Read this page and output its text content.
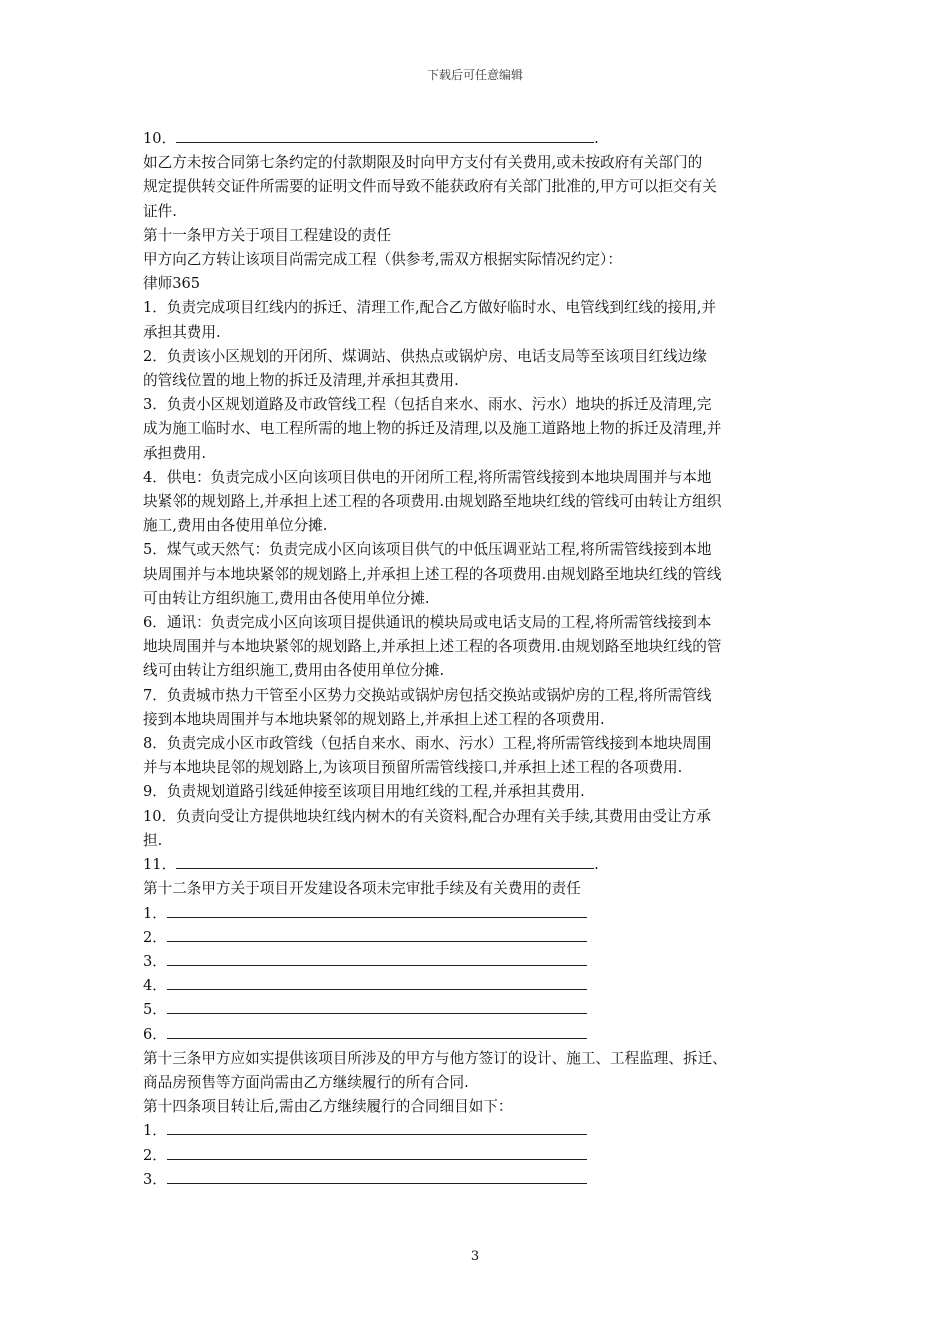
下载后可任意编辑
10．	.
如乙方未按合同第七条约定的付款期限及时向甲方支付有关费用,或未按政府有关部门的
规定提供转交证件所需要的证明文件而导致不能获政府有关部门批准的,甲方可以拒交有关
证件.
第十一条甲方关于项目工程建设的责任
甲方向乙方转让该项目尚需完成工程（供参考,需双方根据实际情况约定）：
律师365
1．负责完成项目红线内的拆迁、清理工作,配合乙方做好临时水、电管线到红线的接用,并
承担其费用.
2．负责该小区规划的开闭所、煤调站、供热点或锅炉房、电话支局等至该项目红线边缘
的管线位置的地上物的拆迁及清理,并承担其费用.
3．负责小区规划道路及市政管线工程（包括自来水、雨水、污水）地块的拆迁及清理,完
成为施工临时水、电工程所需的地上物的拆迁及清理,以及施工道路地上物的拆迁及清理,并
承担费用.
4．供电：负责完成小区向该项目供电的开闭所工程,将所需管线接到本地块周围并与本地
块紧邻的规划路上,并承担上述工程的各项费用.由规划路至地块红线的管线可由转让方组织
施工,费用由各使用单位分摊.
5．煤气或天然气：负责完成小区向该项目供气的中低压调亚站工程,将所需管线接到本地
块周围并与本地块紧邻的规划路上,并承担上述工程的各项费用.由规划路至地块红线的管线
可由转让方组织施工,费用由各使用单位分摊.
6．通讯：负责完成小区向该项目提供通讯的模块局或电话支局的工程,将所需管线接到本
地块周围并与本地块紧邻的规划路上,并承担上述工程的各项费用.由规划路至地块红线的管
线可由转让方组织施工,费用由各使用单位分摊.
7．负责城市热力干管至小区势力交换站或锅炉房包括交换站或锅炉房的工程,将所需管线
接到本地块周围并与本地块紧邻的规划路上,并承担上述工程的各项费用.
8．负责完成小区市政管线（包括自来水、雨水、污水）工程,将所需管线接到本地块周围
并与本地块昆邻的规划路上,为该项目预留所需管线接口,并承担上述工程的各项费用.
9．负责规划道路引线延伸接至该项目用地红线的工程,并承担其费用.
10．负责向受让方提供地块红线内树木的有关资料,配合办理有关手续,其费用由受让方承
担.
11．	.
第十二条甲方关于项目开发建设各项未完审批手续及有关费用的责任
1．
2．
3．
4．
5．
6．
第十三条甲方应如实提供该项目所涉及的甲方与他方签订的设计、施工、工程监理、拆迁、
商品房预售等方面尚需由乙方继续履行的所有合同.
第十四条项目转让后,需由乙方继续履行的合同细目如下：
1．
2．
3．
3
